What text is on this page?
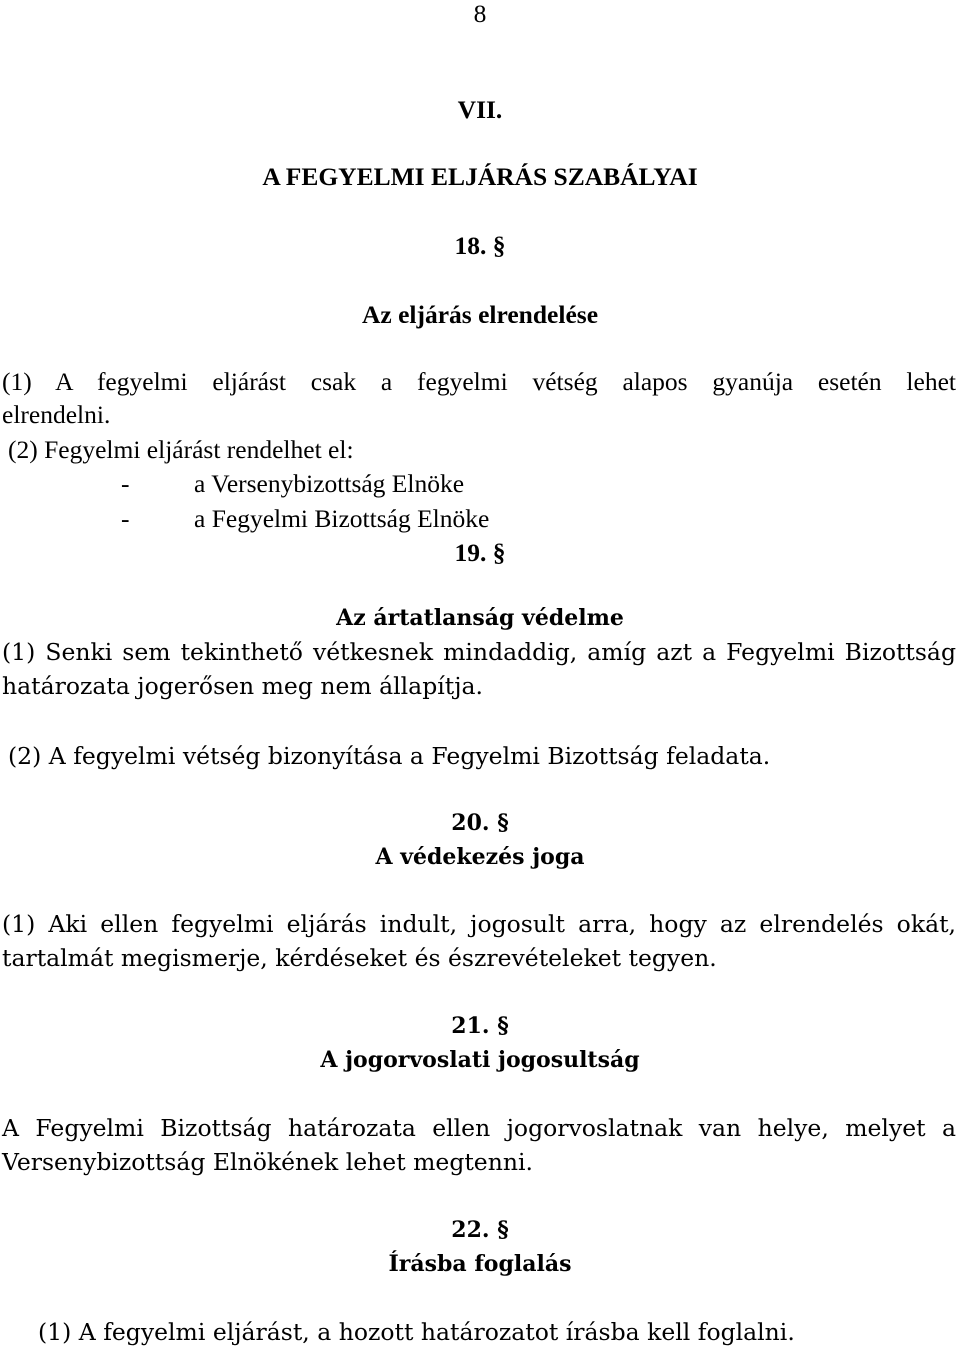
8
VII.
A FEGYELMI ELJÁRÁS SZABÁLYAI
18. §
Az eljárás elrendelése
(1) A fegyelmi eljárást csak a fegyelmi vétség alapos gyanúja esetén lehet
elrendelni.
(2) Fegyelmi eljárást rendelhet el:
-	a Versenybizottság Elnöke
-	a Fegyelmi Bizottság Elnöke
19. §
Az ártatlanság védelme
(1) Senki sem tekinthető vétkesnek mindaddig, amíg azt a Fegyelmi Bizottság
határozata jogerősen meg nem állapítja.
(2) A fegyelmi vétség bizonyítása a Fegyelmi Bizottság feladata.
20. §
A védekezés joga
(1) Aki ellen fegyelmi eljárás indult, jogosult arra, hogy az elrendelés okát,
tartalmát megismerje, kérdéseket és észrevételeket tegyen.
21. §
A jogorvoslati jogosultság
A Fegyelmi Bizottság határozata ellen jogorvoslatnak van helye, melyet a
Versenybizottság Elnökének lehet megtenni.
22. §
Írásba foglalás
(1) A fegyelmi eljárást, a hozott határozatot írásba kell foglalni.
